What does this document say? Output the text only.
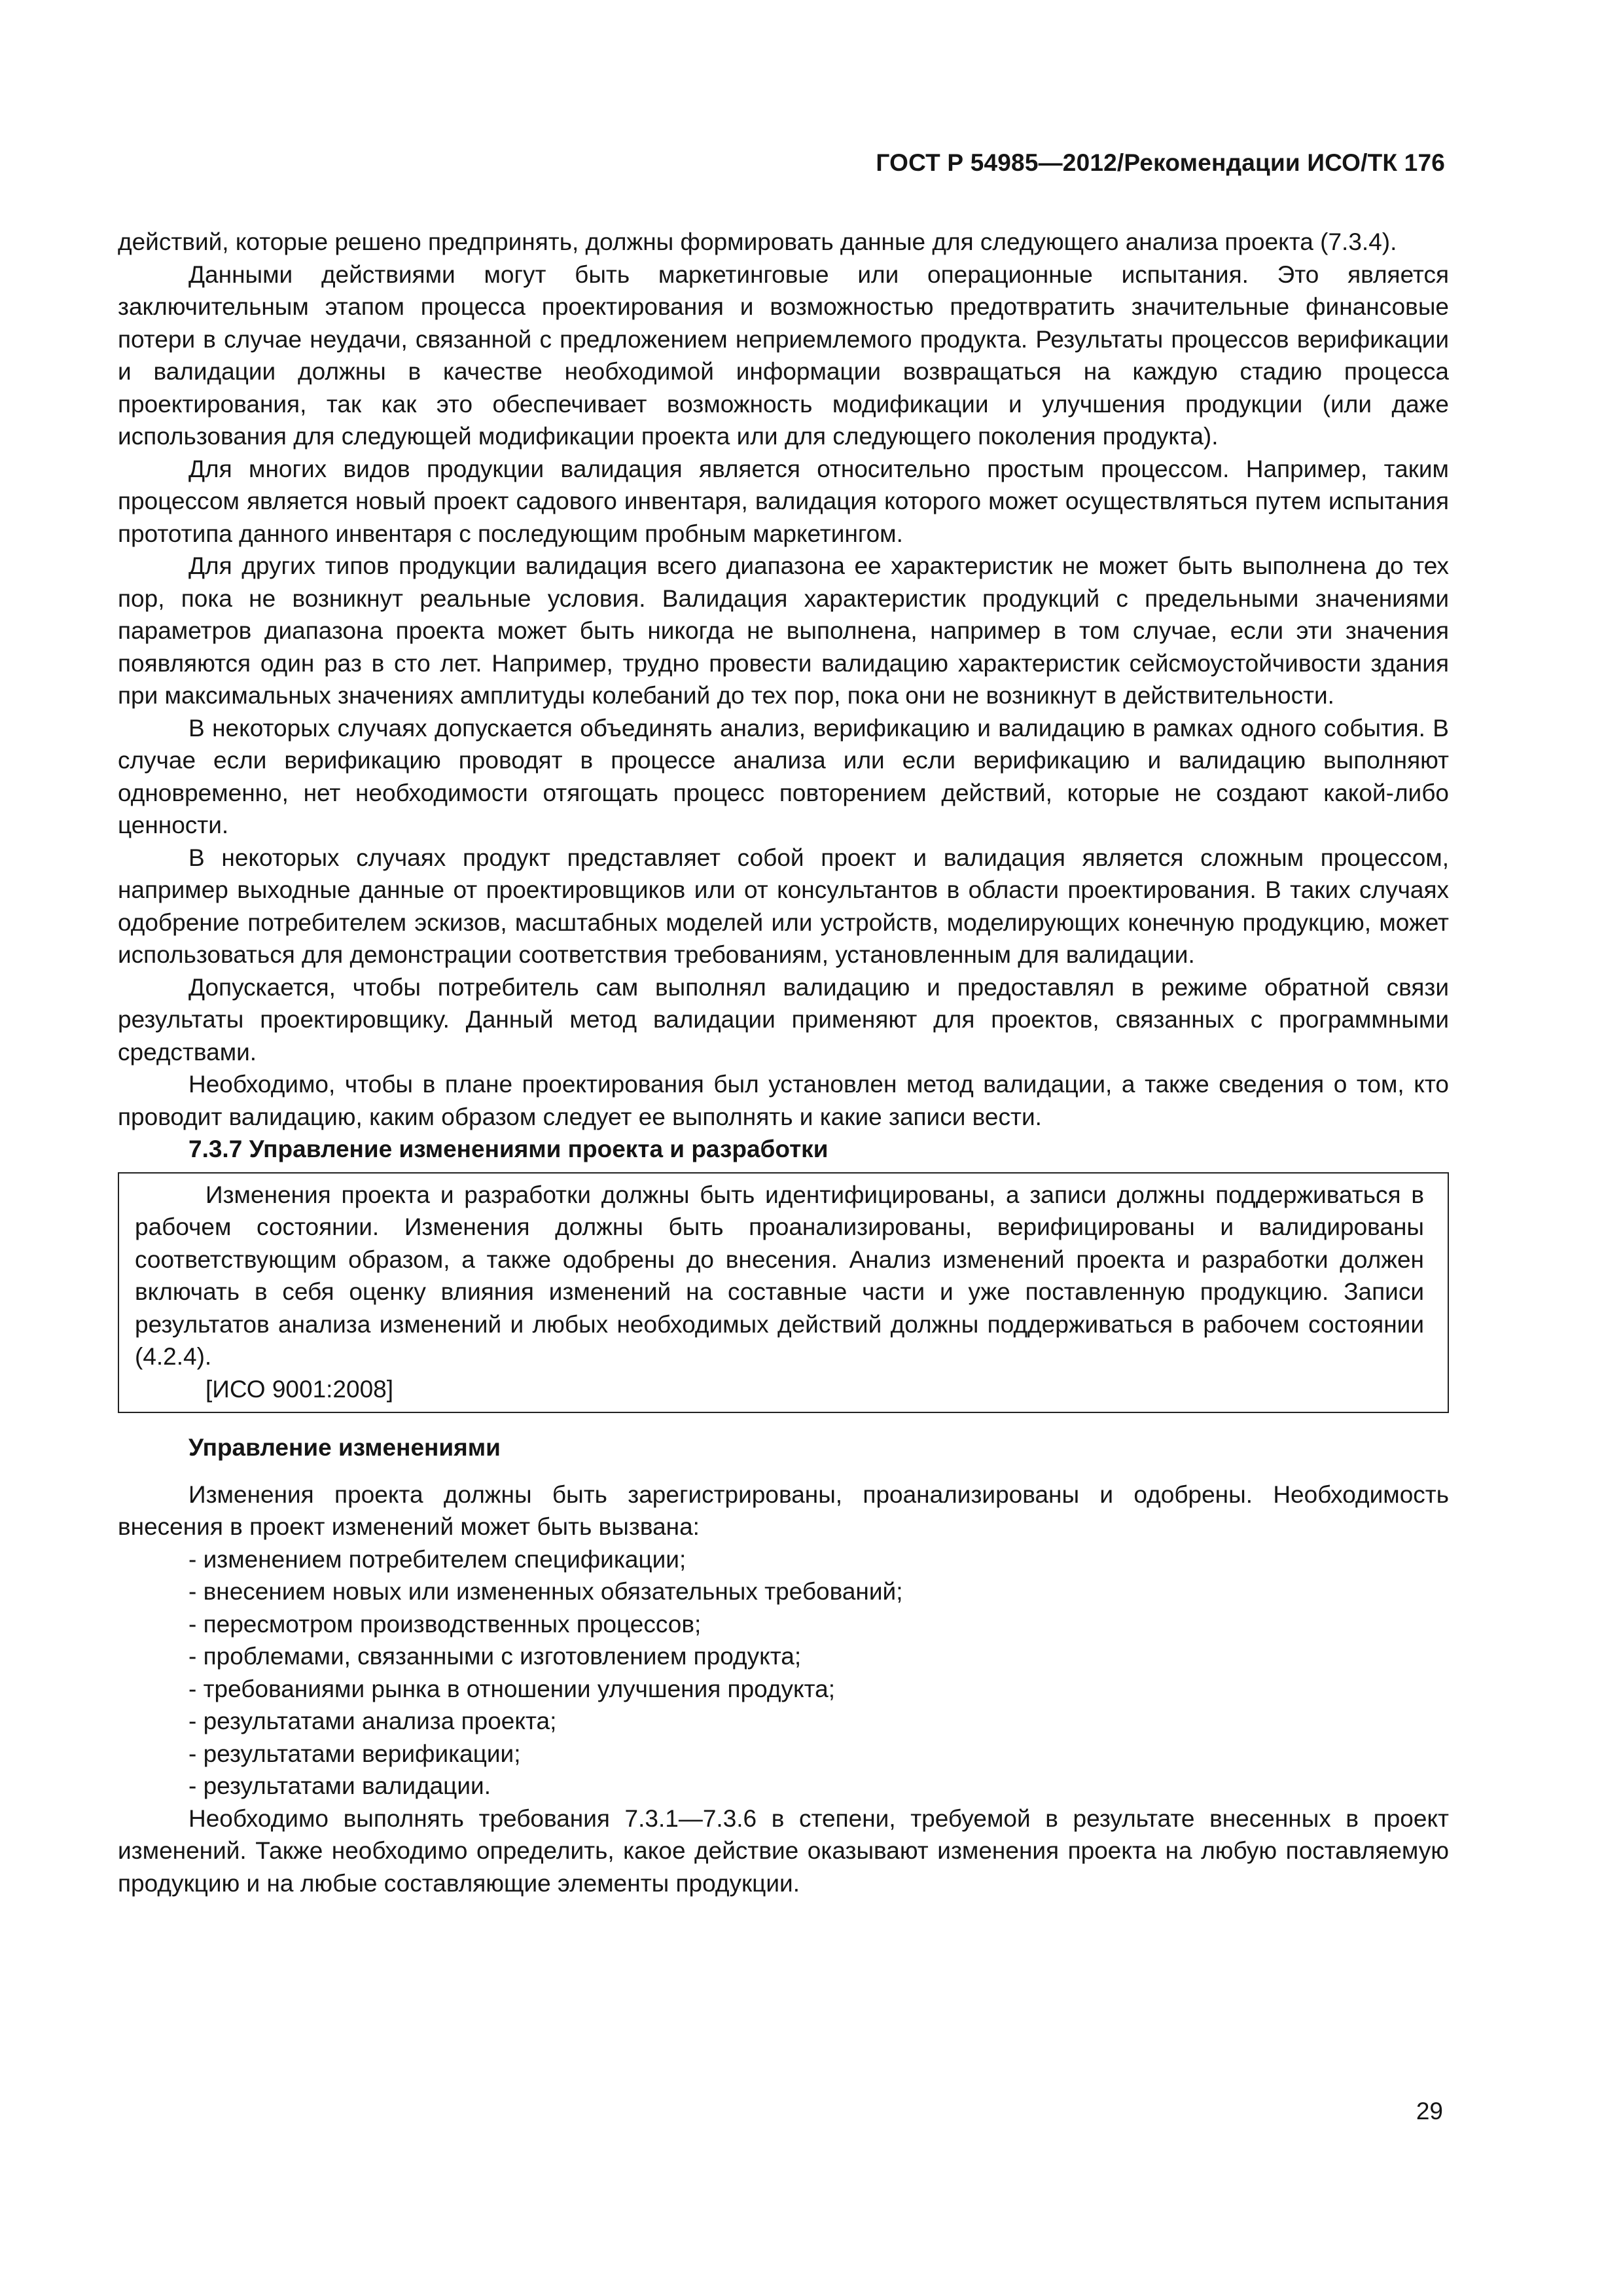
ГОСТ Р 54985—2012/Рекомендации ИСО/ТК 176

действий, которые решено предпринять, должны формировать данные для следующего анализа проекта (7.3.4).

Данными действиями могут быть маркетинговые или операционные испытания. Это является заключительным этапом процесса проектирования и возможностью предотвратить значительные финансовые потери в случае неудачи, связанной с предложением неприемлемого продукта. Результаты процессов верификации и валидации должны в качестве необходимой информации возвращаться на каждую стадию процесса проектирования, так как это обеспечивает возможность модификации и улучшения продукции (или даже использования для следующей модификации проекта или для следующего поколения продукта).

Для многих видов продукции валидация является относительно простым процессом. Например, таким процессом является новый проект садового инвентаря, валидация которого может осуществляться путем испытания прототипа данного инвентаря с последующим пробным маркетингом.

Для других типов продукции валидация всего диапазона ее характеристик не может быть выполнена до тех пор, пока не возникнут реальные условия. Валидация характеристик продукций с предельными значениями параметров диапазона проекта может быть никогда не выполнена, например в том случае, если эти значения появляются один раз в сто лет. Например, трудно провести валидацию характеристик сейсмоустойчивости здания при максимальных значениях амплитуды колебаний до тех пор, пока они не возникнут в действительности.

В некоторых случаях допускается объединять анализ, верификацию и валидацию в рамках одного события. В случае если верификацию проводят в процессе анализа или если верификацию и валидацию выполняют одновременно, нет необходимости отягощать процесс повторением действий, которые не создают какой-либо ценности.

В некоторых случаях продукт представляет собой проект и валидация является сложным процессом, например выходные данные от проектировщиков или от консультантов в области проектирования. В таких случаях одобрение потребителем эскизов, масштабных моделей или устройств, моделирующих конечную продукцию, может использоваться для демонстрации соответствия требованиям, установленным для валидации.

Допускается, чтобы потребитель сам выполнял валидацию и предоставлял в режиме обратной связи результаты проектировщику. Данный метод валидации применяют для проектов, связанных с программными средствами.

Необходимо, чтобы в плане проектирования был установлен метод валидации, а также сведения о том, кто проводит валидацию, каким образом следует ее выполнять и какие записи вести.

7.3.7 Управление изменениями проекта и разработки

Изменения проекта и разработки должны быть идентифицированы, а записи должны поддерживаться в рабочем состоянии. Изменения должны быть проанализированы, верифицированы и валидированы соответствующим образом, а также одобрены до внесения. Анализ изменений проекта и разработки должен включать в себя оценку влияния изменений на составные части и уже поставленную продукцию. Записи результатов анализа изменений и любых необходимых действий должны поддерживаться в рабочем состоянии (4.2.4).

[ИСО 9001:2008]

Управление изменениями

Изменения проекта должны быть зарегистрированы, проанализированы и одобрены. Необходимость внесения в проект изменений может быть вызвана:

- изменением потребителем спецификации;
- внесением новых или измененных обязательных требований;
- пересмотром производственных процессов;
- проблемами, связанными с изготовлением продукта;
- требованиями рынка в отношении улучшения продукта;
- результатами анализа проекта;
- результатами верификации;
- результатами валидации.

Необходимо выполнять требования 7.3.1—7.3.6 в степени, требуемой в результате внесенных в проект изменений. Также необходимо определить, какое действие оказывают изменения проекта на любую поставляемую продукцию и на любые составляющие элементы продукции.

29
